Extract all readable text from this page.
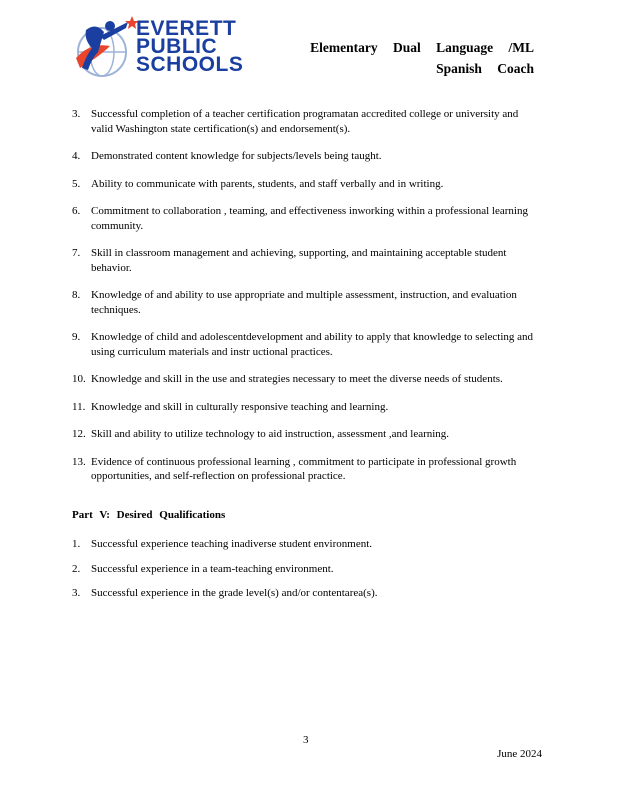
EVERETT
PUBLIC
SCHOOLS
Elementary Dual Language /ML
Spanish Coach
3. Successful completion of a teacher certification programatan accredited college or university and valid Washington state certification(s) and endorsement(s).
4. Demonstrated content knowledge for subjects/levels being taught.
5. Ability to communicate with parents, students, and staff verbally and in writing.
6. Commitment to collaboration , teaming, and effectiveness inworking within a professional learning community.
7. Skill in classroom management and achieving, supporting, and maintaining acceptable student behavior.
8. Knowledge of and ability to use appropriate and multiple assessment, instruction, and evaluation techniques.
9. Knowledge of child and adolescentdevelopment and ability to apply that knowledge to selecting and using curriculum materials and instr uctional practices.
10. Knowledge and skill in the use and strategies necessary to meet the diverse needs of students.
11. Knowledge and skill in culturally responsive teaching and learning.
12. Skill and ability to utilize technology to aid instruction, assessment ,and learning.
13. Evidence of continuous professional learning , commitment to participate in professional growth opportunities, and self-reflection on professional practice.
Part V: Desired Qualifications
1. Successful experience teaching inadiverse student environment.
2. Successful experience in a team-teaching environment.
3. Successful experience in the grade level(s) and/or contentarea(s).
3
June 2024
